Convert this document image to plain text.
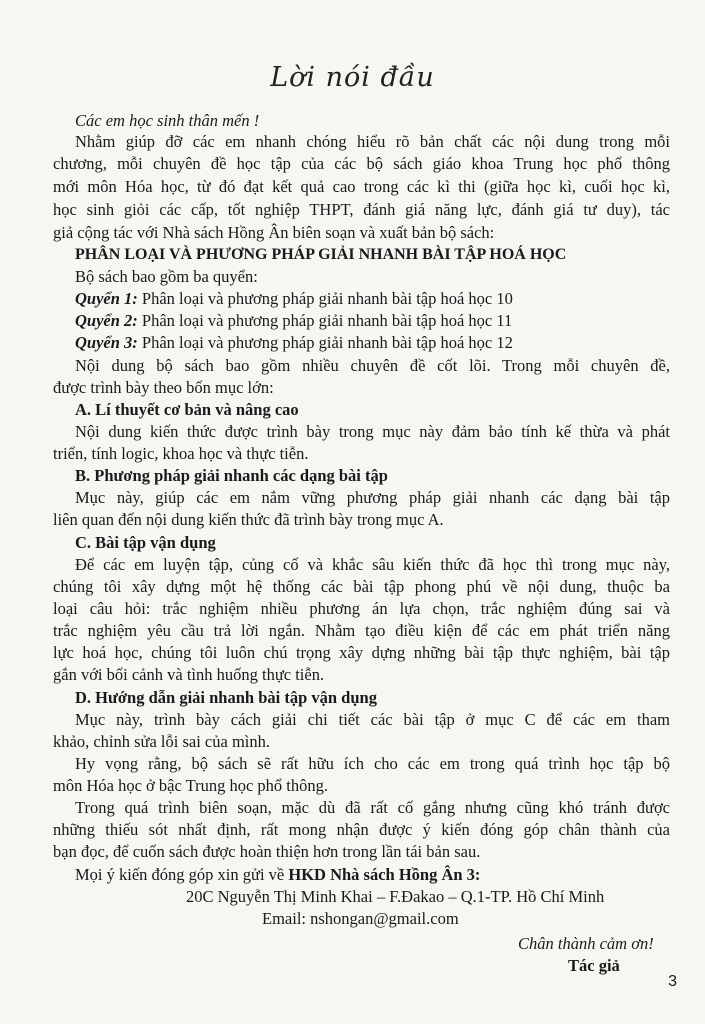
Lời nói đầu
Các em học sinh thân mến !
Nhằm giúp đỡ các em nhanh chóng hiểu rõ bản chất các nội dung trong mỗi
chương, mỗi chuyên đề học tập của các bộ sách giáo khoa Trung học phổ thông
mới môn Hóa học, từ đó đạt kết quả cao trong các kì thi (giữa học kì, cuối học kì,
học sinh giỏi các cấp, tốt nghiệp THPT, đánh giá năng lực, đánh giá tư duy), tác
giả cộng tác với Nhà sách Hồng Ân biên soạn và xuất bản bộ sách:
PHÂN LOẠI VÀ PHƯƠNG PHÁP GIẢI NHANH BÀI TẬP HOÁ HỌC
Bộ sách bao gồm ba quyển:
Quyển 1: Phân loại và phương pháp giải nhanh bài tập hoá học 10
Quyển 2: Phân loại và phương pháp giải nhanh bài tập hoá học 11
Quyển 3: Phân loại và phương pháp giải nhanh bài tập hoá học 12
Nội dung bộ sách bao gồm nhiều chuyên đề cốt lõi. Trong mỗi chuyên đề,
được trình bày theo bốn mục lớn:
A. Lí thuyết cơ bản và nâng cao
Nội dung kiến thức được trình bày trong mục này đảm bảo tính kế thừa và phát
triển, tính logic, khoa học và thực tiễn.
B. Phương pháp giải nhanh các dạng bài tập
Mục này, giúp các em nắm vững phương pháp giải nhanh các dạng bài tập
liên quan đến nội dung kiến thức đã trình bày trong mục A.
C. Bài tập vận dụng
Để các em luyện tập, củng cố và khắc sâu kiến thức đã học thì trong mục này,
chúng tôi xây dựng một hệ thống các bài tập phong phú về nội dung, thuộc ba
loại câu hỏi: trắc nghiệm nhiều phương án lựa chọn, trắc nghiệm đúng sai và
trắc nghiệm yêu cầu trả lời ngắn. Nhằm tạo điều kiện để các em phát triển năng
lực hoá học, chúng tôi luôn chú trọng xây dựng những bài tập thực nghiệm, bài tập
gắn với bối cảnh và tình huống thực tiễn.
D. Hướng dẫn giải nhanh bài tập vận dụng
Mục này, trình bày cách giải chi tiết các bài tập ở mục C để các em tham
khảo, chỉnh sửa lỗi sai của mình.
Hy vọng rằng, bộ sách sẽ rất hữu ích cho các em trong quá trình học tập bộ
môn Hóa học ở bậc Trung học phổ thông.
Trong quá trình biên soạn, mặc dù đã rất cố gắng nhưng cũng khó tránh được
những thiếu sót nhất định, rất mong nhận được ý kiến đóng góp chân thành của
bạn đọc, để cuốn sách được hoàn thiện hơn trong lần tái bản sau.
Mọi ý kiến đóng góp xin gửi về HKD Nhà sách Hồng Ân 3:
20C Nguyễn Thị Minh Khai – F.Đakao – Q.1-TP. Hồ Chí Minh
Email: nshongan@gmail.com
Chân thành cảm ơn!
Tác giả
3
